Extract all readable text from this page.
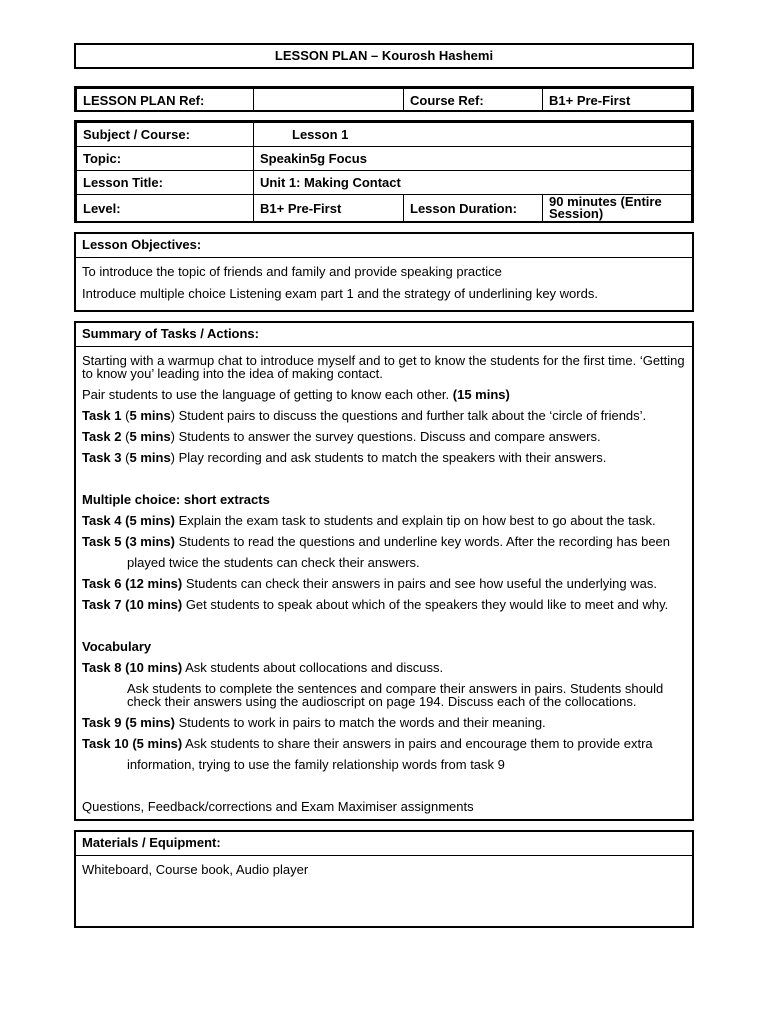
LESSON PLAN – Kourosh Hashemi
LESSON PLAN Ref:		Course Ref:	B1+ Pre-First
Subject / Course:	Lesson 1		
Topic:	Speakin5g Focus		
Lesson Title:	Unit 1: Making Contact		
Level:	B1+ Pre-First	Lesson Duration:	90 minutes (Entire Session)
Lesson Objectives:

To introduce the topic of friends and family and provide speaking practice

Introduce multiple choice Listening exam part 1 and the strategy of underlining key words.

Summary of Tasks / Actions:

Starting with a warmup chat to introduce myself and to get to know the students for the first time. ‘Getting to know you’ leading into the idea of making contact.

Pair students to use the language of getting to know each other. (15 mins)

Task 1 (5 mins) Student pairs to discuss the questions and further talk about the ‘circle of friends’.

Task 2 (5 mins) Students to answer the survey questions. Discuss and compare answers.

Task 3 (5 mins) Play recording and ask students to match the speakers with their answers.

Multiple choice: short extracts

Task 4 (5 mins) Explain the exam task to students and explain tip on how best to go about the task.

Task 5 (3 mins) Students to read the questions and underline key words. After the recording has been

played twice the students can check their answers.

Task 6 (12 mins) Students can check their answers in pairs and see how useful the underlying was.

Task 7 (10 mins) Get students to speak about which of the speakers they would like to meet and why.

Vocabulary

Task 8 (10 mins) Ask students about collocations and discuss.

Ask students to complete the sentences and compare their answers in pairs. Students should check their answers using the audioscript on page 194. Discuss each of the collocations.

Task 9 (5 mins) Students to work in pairs to match the words and their meaning.

Task 10 (5 mins) Ask students to share their answers in pairs and encourage them to provide extra

information, trying to use the family relationship words from task 9

Questions, Feedback/corrections and Exam Maximiser assignments

Materials / Equipment:

Whiteboard, Course book, Audio player
